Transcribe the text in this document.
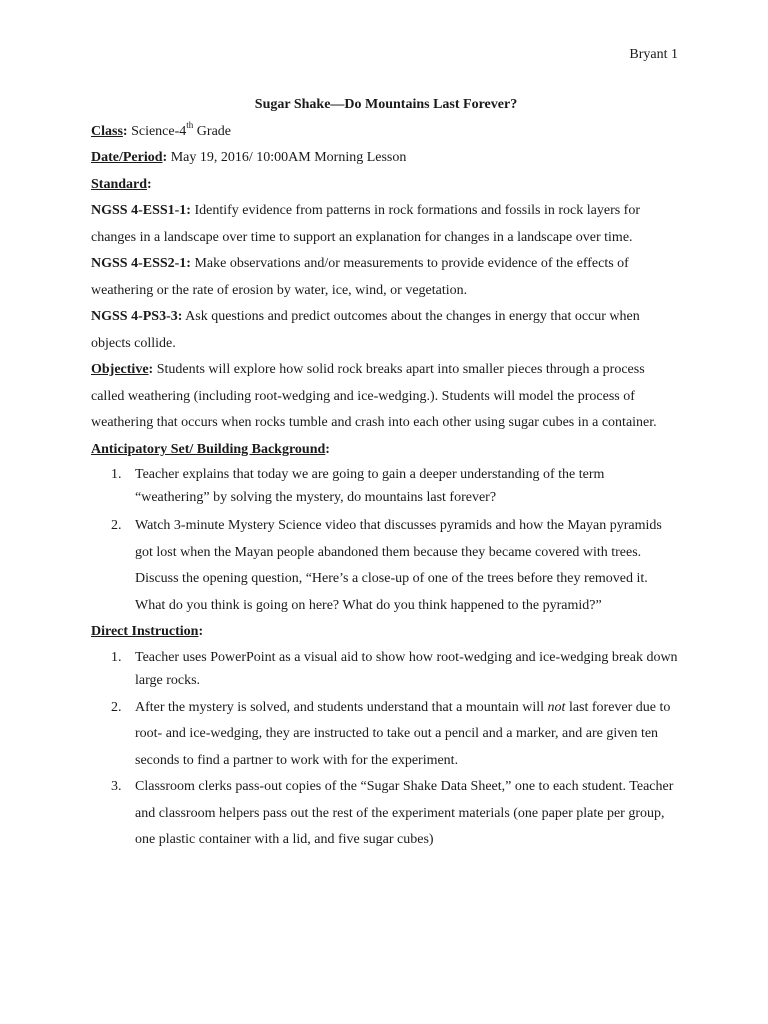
Bryant 1

Sugar Shake—Do Mountains Last Forever?

Class: Science-4th Grade

Date/Period: May 19, 2016/ 10:00AM Morning Lesson

Standard:

NGSS 4-ESS1-1: Identify evidence from patterns in rock formations and fossils in rock layers for changes in a landscape over time to support an explanation for changes in a landscape over time.

NGSS 4-ESS2-1: Make observations and/or measurements to provide evidence of the effects of weathering or the rate of erosion by water, ice, wind, or vegetation.

NGSS 4-PS3-3: Ask questions and predict outcomes about the changes in energy that occur when objects collide.

Objective: Students will explore how solid rock breaks apart into smaller pieces through a process called weathering (including root-wedging and ice-wedging.). Students will model the process of weathering that occurs when rocks tumble and crash into each other using sugar cubes in a container.

Anticipatory Set/ Building Background:

1. Teacher explains that today we are going to gain a deeper understanding of the term “weathering” by solving the mystery, do mountains last forever?
2. Watch 3-minute Mystery Science video that discusses pyramids and how the Mayan pyramids got lost when the Mayan people abandoned them because they became covered with trees. Discuss the opening question, “Here’s a close-up of one of the trees before they removed it. What do you think is going on here? What do you think happened to the pyramid?”

Direct Instruction:

1. Teacher uses PowerPoint as a visual aid to show how root-wedging and ice-wedging break down large rocks.
2. After the mystery is solved, and students understand that a mountain will not last forever due to root- and ice-wedging, they are instructed to take out a pencil and a marker, and are given ten seconds to find a partner to work with for the experiment.
3. Classroom clerks pass-out copies of the “Sugar Shake Data Sheet,” one to each student. Teacher and classroom helpers pass out the rest of the experiment materials (one paper plate per group, one plastic container with a lid, and five sugar cubes)
